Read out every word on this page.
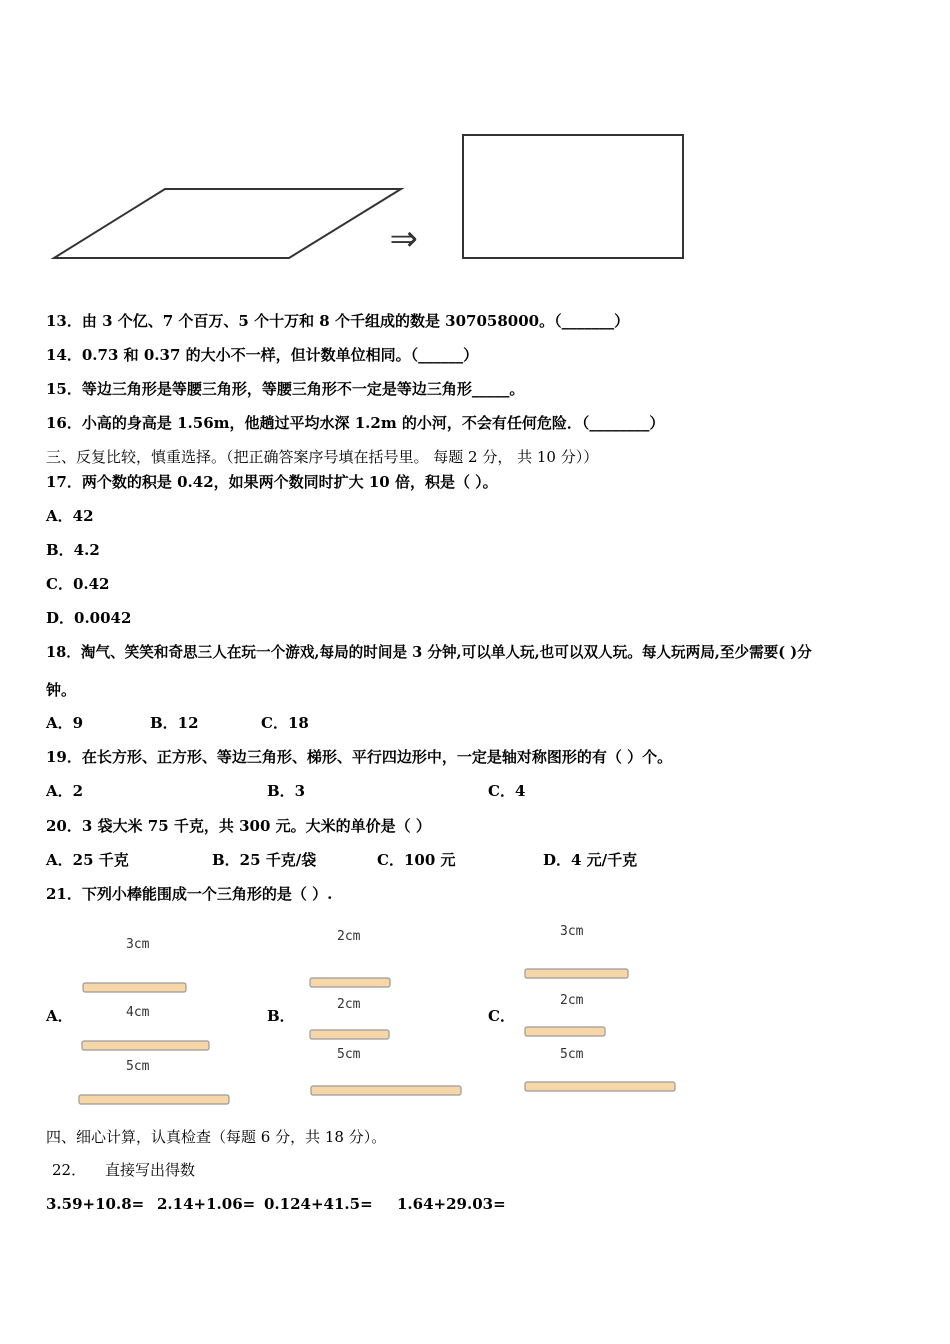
⇒
13．由 3 个亿、7 个百万、5 个十万和 8 个千组成的数是 307058000。（_______）
14．0.73 和 0.37 的大小不一样，但计数单位相同。（______）
15．等边三角形是等腰三角形，等腰三角形不一定是等边三角形_____。
16．小高的身高是 1.56m，他趟过平均水深 1.2m 的小河，不会有任何危险．（________）
三、反复比较，慎重选择。（把正确答案序号填在括号里。 每题 2 分， 共 10 分））
17．两个数的积是 0.42，如果两个数同时扩大 10 倍，积是（ ）。
A．42
B．4.2
C．0.42
D．0.0042
18．淘气、笑笑和奇思三人在玩一个游戏,每局的时间是 3 分钟,可以单人玩,也可以双人玩。每人玩两局,至少需要( )分
钟。
A．9	B．12	C．18
19．在长方形、正方形、等边三角形、梯形、平行四边形中，一定是轴对称图形的有（ ）个。
A．2	B．3	C．4
20．3 袋大米 75 千克，共 300 元。大米的单价是（ ）
A．25 千克	B．25 千克/袋	C．100 元	D．4 元/千克
21．下列小棒能围成一个三角形的是（ ）.
A．	B．	C．
3cm
4cm
5cm
2cm
2cm
5cm
3cm
2cm
5cm
四、细心计算，认真检查（每题 6 分，共 18 分）。
22． 直接写出得数
3.59+10.8= 2.14+1.06= 0.124+41.5= 1.64+29.03=
